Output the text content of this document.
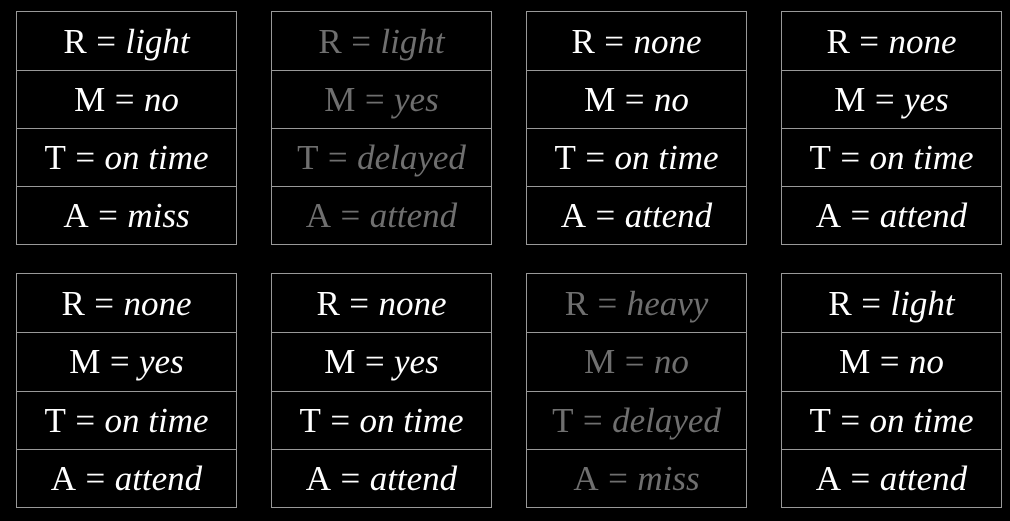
R = light
M = no
T = on time
A = miss
R = light
M = yes
T = delayed
A = attend
R = none
M = no
T = on time
A = attend
R = none
M = yes
T = on time
A = attend
R = none
M = yes
T = on time
A = attend
R = none
M = yes
T = on time
A = attend
R = heavy
M = no
T = delayed
A = miss
R = light
M = no
T = on time
A = attend
